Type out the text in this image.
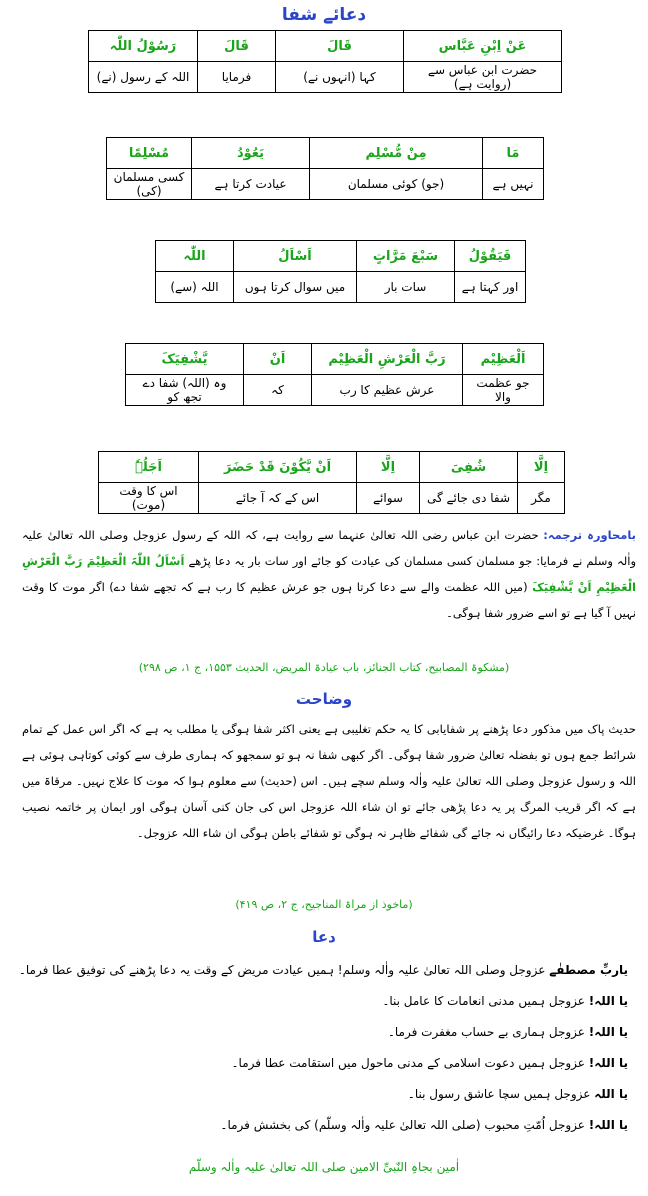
دعائے شفا
عَنْ اِبْنِ عَبَّاس	قَالَ	قَالَ	رَسُوْلُ اللّٰہ
حضرت ابن عباس سے (روایت ہے)	کہا (انہوں نے)	فرمایا	اللہ کے رسول (نے)
مَا	مِنْ مُّسْلِم	یَعُوْدُ	مُسْلِمًا
نہیں ہے	(جو) کوئی مسلمان	عیادت کرتا ہے	کسی مسلمان (کی)
فَیَقُوْلُ	سَبْعَ مَرَّاتٍ	اَسْاَلُ	اللّٰہ
اور کہتا ہے	سات بار	میں سوال کرتا ہوں	اللہ (سے)
اَلْعَظِیْم	رَبَّ الْعَرْشِ الْعَظِیْم	اَنْ	یَّشْفِیَکَ
جو عظمت والا	عرش عظیم کا رب	کہ	وہ (اللہ) شفا دے تجھ کو
اِلَّا	شُفِیَ	اِلَّا	اَنْ یَّکُوْنَ قَدْ حَضَرَ	اَجَلُہٗ
مگر	شفا دی جائے گی	سوائے	اس کے کہ آ جائے	اس کا وقت (موت)
بامحاورہ ترجمہ: حضرت ابن عباس رضی اللہ تعالیٰ عنہما سے روایت ہے، کہ اللہ کے رسول عزوجل وصلی اللہ تعالیٰ علیہ واٰلہ وسلم نے فرمایا: جو مسلمان کسی مسلمان کی عیادت کو جائے اور سات بار یہ دعا پڑھے اَسْاَلُ اللّٰہَ الْعَظِیْمَ رَبَّ الْعَرْشِ الْعَظِیْمِ اَنْ یَّشْفِیَکَ (میں اللہ عظمت والے سے دعا کرتا ہوں جو عرش عظیم کا رب ہے کہ تجھے شفا دے) اگر موت کا وقت نہیں آ گیا ہے تو اسے ضرور شفا ہوگی۔
(مشکوۃ المصابیح، کتاب الجنائز، باب عیادۃ المریض، الحدیث ۱۵۵۳، ج ۱، ص ۲۹۸)
وضاحت
حدیث پاک میں مذکور دعا پڑھنے پر شفایابی کا یہ حکم تغلیبی ہے یعنی اکثر شفا ہوگی یا مطلب یہ ہے کہ اگر اس عمل کے تمام شرائط جمع ہوں تو بفضلہ تعالیٰ ضرور شفا ہوگی۔ اگر کبھی شفا نہ ہو تو سمجھو کہ ہماری طرف سے کوئی کوتاہی ہوئی ہے اللہ و رسول عزوجل وصلی اللہ تعالیٰ علیہ واٰلہ وسلم سچے ہیں۔ اس (حدیث) سے معلوم ہوا کہ موت کا علاج نہیں۔ مرقاۃ میں ہے کہ اگر قریب المرگ پر یہ دعا پڑھی جائے تو ان شاء اللہ عزوجل اس کی جان کنی آسان ہوگی اور ایمان پر خاتمہ نصیب ہوگا۔ غرضیکہ دعا رائیگاں نہ جائے گی شفائے ظاہر نہ ہوگی تو شفائے باطن ہوگی ان شاء اللہ عزوجل۔
(ماخوذ از مراۃ المناجیح، ج ۲، ص ۴۱۹)
دعا
یاربِّ مصطفٰے عزوجل وصلی اللہ تعالیٰ علیہ واٰلہ وسلم! ہمیں عیادت مریض کے وقت یہ دعا پڑھنے کی توفیق عطا فرما۔
یا اللہ! عزوجل ہمیں مدنی انعامات کا عامل بنا۔
یا اللہ! عزوجل ہماری بے حساب مغفرت فرما۔
یا اللہ! عزوجل ہمیں دعوت اسلامی کے مدنی ماحول میں استقامت عطا فرما۔
یا اللہ عزوجل ہمیں سچا عاشق رسول بنا۔
یا اللہ! عزوجل اُمّتِ محبوب (صلی اللہ تعالیٰ علیہ واٰلہ وسلّم) کی بخشش فرما۔
اٰمین بجاہِ النّبیِّ الامین صلی اللہ تعالیٰ علیہ واٰلہ وسلّم
